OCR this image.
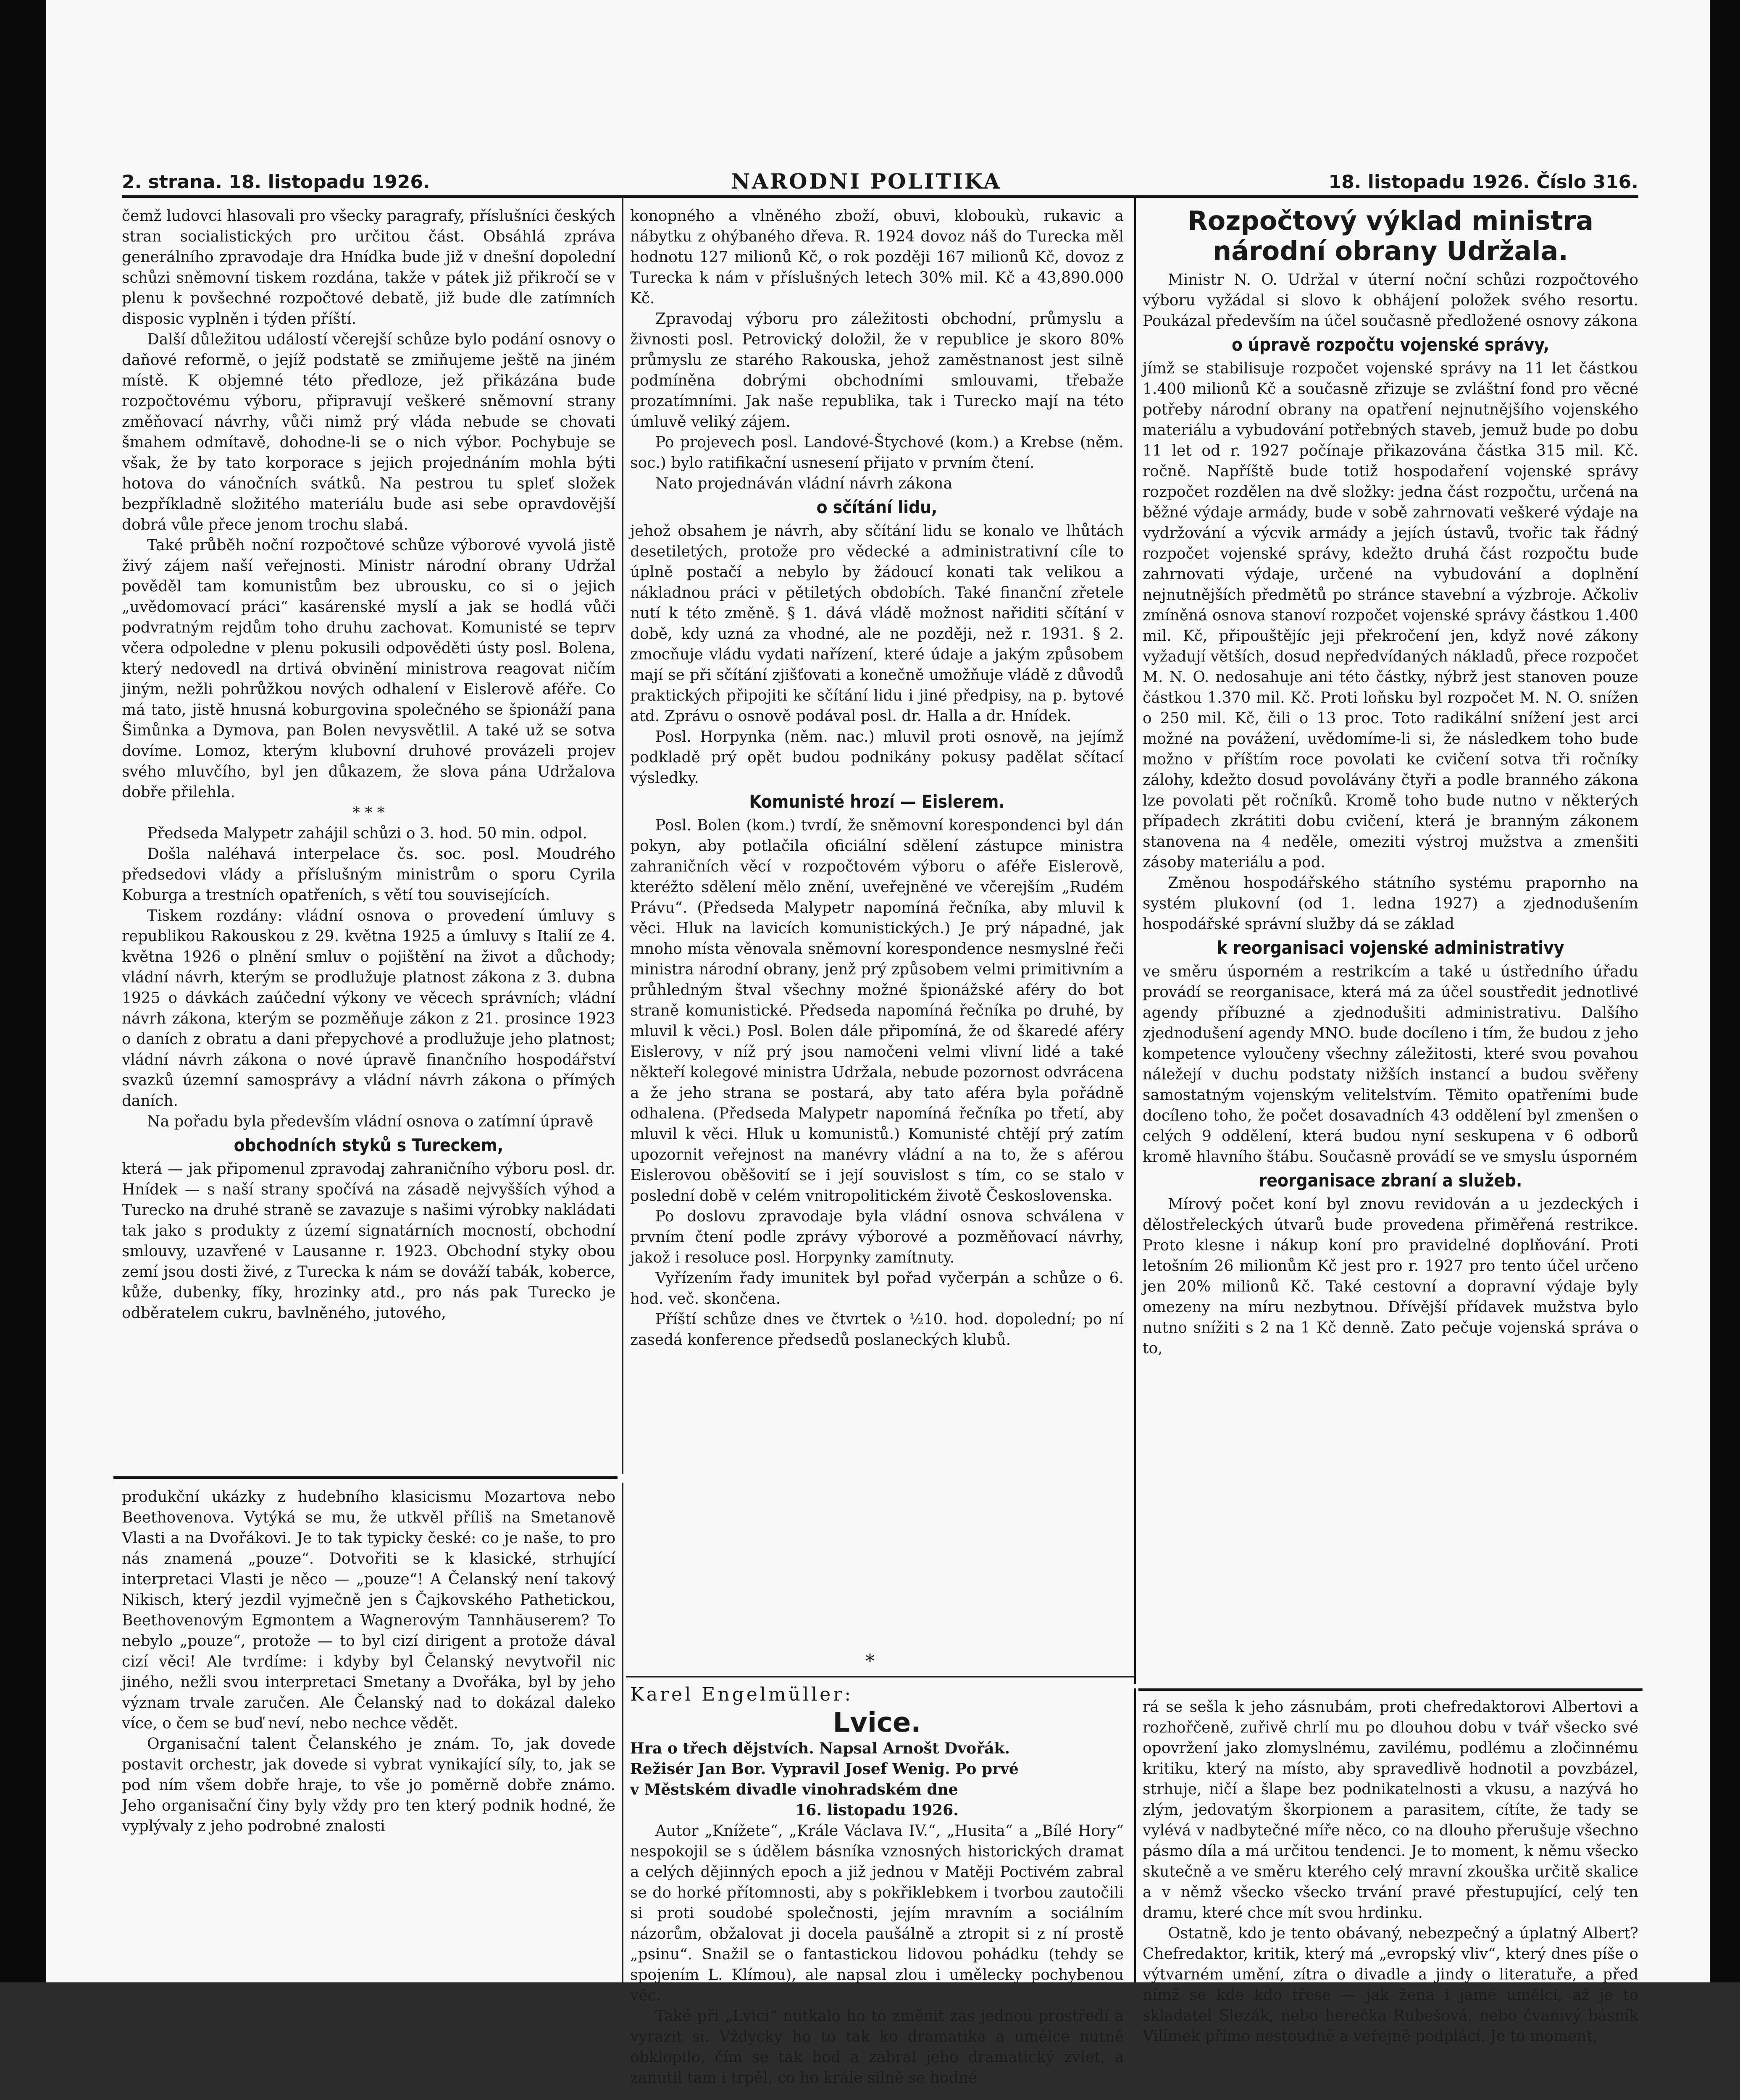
2. strana. 18. listopadu 1926.	NARODNI POLITIKA	18. listopadu 1926. Číslo 316.

čemž ludovci hlasovali pro všecky paragrafy, příslušníci českých stran socialistických pro určitou část. Obsáhlá zpráva generálního zpravodaje dra Hnídka bude již v dnešní dopolední schůzi sněmovní tiskem rozdána, takže v pátek již přikročí se v plenu k povšechné rozpočtové debatě, již bude dle zatímních disposic vyplněn i týden příští.

Další důležitou událostí včerejší schůze bylo podání osnovy o daňové reformě, o jejíž podstatě se zmiňujeme ještě na jiném místě. K objemné této předloze, jež přikázána bude rozpočtovému výboru, připravují veškeré sněmovní strany změňovací návrhy, vůči nimž prý vláda nebude se chovati šmahem odmítavě, dohodne-li se o nich výbor. Pochybuje se však, že by tato korporace s jejich projednáním mohla býti hotova do vánočních svátků. Na pestrou tu spleť složek bezpříkladně složitého materiálu bude asi sebe opravdovější dobrá vůle přece jenom trochu slabá.

Také průběh noční rozpočtové schůze výborové vyvolá jistě živý zájem naší veřejnosti. Ministr národní obrany Udržal pověděl tam komunistům bez ubrousku, co si o jejich „uvědomovací práci“ kasárenské myslí a jak se hodlá vůči podvratným rejdům toho druhu zachovat. Komunisté se teprv včera odpoledne v plenu pokusili odpověděti ústy posl. Bolena, který nedovedl na drtivá obvinění ministrova reagovat ničím jiným, nežli pohrůžkou nových odhalení v Eislerově aféře. Co má tato, jistě hnusná koburgovina společného se špionáží pana Šimůnka a Dymova, pan Bolen nevysvětlil. A také už se sotva dovíme. Lomoz, kterým klubovní druhové provázeli projev svého mluvčího, byl jen důkazem, že slova pána Udržalova dobře přilehla.

* * *

Předseda Malypetr zahájil schůzi o 3. hod. 50 min. odpol.

Došla naléhavá interpelace čs. soc. posl. Moudrého předsedovi vlády a příslušným ministrům o sporu Cyrila Koburga a trestních opatřeních, s větí tou souvisejících.

Tiskem rozdány: vládní osnova o provedení úmluvy s republikou Rakouskou z 29. května 1925 a úmluvy s Italií ze 4. května 1926 o plnění smluv o pojištění na život a důchody; vládní návrh, kterým se prodlužuje platnost zákona z 3. dubna 1925 o dávkách zaúčední výkony ve věcech správních; vládní návrh zákona, kterým se pozměňuje zákon z 21. prosince 1923 o daních z obratu a dani přepychové a prodlužuje jeho platnost; vládní návrh zákona o nové úpravě finančního hospodářství svazků územní samosprávy a vládní návrh zákona o přímých daních.

Na pořadu byla především vládní osnova o zatímní úpravě

obchodních styků s Tureckem,

která — jak připomenul zpravodaj zahraničního výboru posl. dr. Hnídek — s naší strany spočívá na zásadě nejvyšších výhod a Turecko na druhé straně se zavazuje s našimi výrobky nakládati tak jako s produkty z území signatárních mocností, obchodní smlouvy, uzavřené v Lausanne r. 1923. Obchodní styky obou zemí jsou dosti živé, z Turecka k nám se dováží tabák, koberce, kůže, dubenky, fíky, hrozinky atd., pro nás pak Turecko je odběratelem cukru, bavlněného, jutového,

konopného a vlněného zboží, obuvi, kloboukù, rukavic a nábytku z ohýbaného dřeva. R. 1924 dovoz náš do Turecka měl hodnotu 127 milionů Kč, o rok později 167 milionů Kč, dovoz z Turecka k nám v příslušných letech 30% mil. Kč a 43,890.000 Kč.

Zpravodaj výboru pro záležitosti obchodní, průmyslu a živnosti posl. Petrovický doložil, že v republice je skoro 80% průmyslu ze starého Rakouska, jehož zaměstnanost jest silně podmíněna dobrými obchodními smlouvami, třebaže prozatímními. Jak naše republika, tak i Turecko mají na této úmluvě veliký zájem.

Po projevech posl. Landové-Štychové (kom.) a Krebse (něm. soc.) bylo ratifikační usnesení přijato v prvním čtení.

Nato projednáván vládní návrh zákona

o sčítání lidu,

jehož obsahem je návrh, aby sčítání lidu se konalo ve lhůtách desetiletých, protože pro vědecké a administrativní cíle to úplně postačí a nebylo by žádoucí konati tak velikou a nákladnou práci v pětiletých obdobích. Také finanční zřetele nutí k této změně. § 1. dává vládě možnost nařiditi sčítání v době, kdy uzná za vhodné, ale ne později, než r. 1931. § 2. zmocňuje vládu vydati nařízení, které údaje a jakým způsobem mají se při sčítání zjišťovati a konečně umožňuje vládě z důvodů praktických připojiti ke sčítání lidu i jiné předpisy, na p. bytové atd. Zprávu o osnově podával posl. dr. Halla a dr. Hnídek.

Posl. Horpynka (něm. nac.) mluvil proti osnově, na jejímž podkladě prý opět budou podnikány pokusy padělat sčítací výsledky.

Komunisté hrozí — Eislerem.

Posl. Bolen (kom.) tvrdí, že sněmovní korespondenci byl dán pokyn, aby potlačila oficiální sdělení zástupce ministra zahraničních věcí v rozpočtovém výboru o aféře Eislerově, kteréžto sdělení mělo znění, uveřejněné ve včerejším „Rudém Právu“. (Předseda Malypetr napomíná řečníka, aby mluvil k věci. Hluk na lavicích komunistických.) Je prý nápadné, jak mnoho místa věnovala sněmovní korespondence nesmyslné řeči ministra národní obrany, jenž prý způsobem velmi primitivním a průhledným štval všechny možné špionážské aféry do bot straně komunistické. Předseda napomíná řečníka po druhé, by mluvil k věci.) Posl. Bolen dále připomíná, že od škaredé aféry Eislerovy, v níž prý jsou namočeni velmi vlivní lidé a také někteří kolegové ministra Udržala, nebude pozornost odvrácena a že jeho strana se postará, aby tato aféra byla pořádně odhalena. (Předseda Malypetr napomíná řečníka po třetí, aby mluvil k věci. Hluk u komunistů.) Komunisté chtějí prý zatím upozornit veřejnost na manévry vládní a na to, že s aférou Eislerovou oběšovití se i její souvislost s tím, co se stalo v poslední době v celém vnitropolitickém životě Československa.

Po doslovu zpravodaje byla vládní osnova schválena v prvním čtení podle zprávy výborové a pozměňovací návrhy, jakož i resoluce posl. Horpynky zamítnuty.

Vyřízením řady imunitek byl pořad vyčerpán a schůze o 6. hod. več. skončena.

Příští schůze dnes ve čtvrtek o ½10. hod. dopolední; po ní zasedá konference předsedů poslaneckých klubů.

*
Rozpočtový výklad ministra národní obrany Udržala.

Ministr N. O. Udržal v úterní noční schůzi rozpočtového výboru vyžádal si slovo k obhájení položek svého resortu. Poukázal především na účel současně předložené osnovy zákona

o úpravě rozpočtu vojenské správy,

jímž se stabilisuje rozpočet vojenské správy na 11 let částkou 1.400 milionů Kč a současně zřizuje se zvláštní fond pro věcné potřeby národní obrany na opatření nejnutnějšího vojenského materiálu a vybudování potřebných staveb, jemuž bude po dobu 11 let od r. 1927 počínaje přikazována částka 315 mil. Kč. ročně. Napříště bude totiž hospodaření vojenské správy rozpočet rozdělen na dvě složky: jedna část rozpočtu, určená na běžné výdaje armády, bude v sobě zahrnovati veškeré výdaje na vydržování a výcvik armády a jejích ústavů, tvořic tak řádný rozpočet vojenské správy, kdežto druhá část rozpočtu bude zahrnovati výdaje, určené na vybudování a doplnění nejnutnějších předmětů po stránce stavební a výzbroje. Ačkoliv zmíněná osnova stanoví rozpočet vojenské správy částkou 1.400 mil. Kč, připouštějíc jeji překročení jen, když nové zákony vyžadují větších, dosud nepředvídaných nákladů, přece rozpočet M. N. O. nedosahuje ani této částky, nýbrž jest stanoven pouze částkou 1.370 mil. Kč. Proti loňsku byl rozpočet M. N. O. snížen o 250 mil. Kč, čili o 13 proc. Toto radikální snížení jest arci možné na povážení, uvědomíme-li si, že následkem toho bude možno v příštím roce povolati ke cvičení sotva tři ročníky zálohy, kdežto dosud povolávány čtyři a podle branného zákona lze povolati pět ročníků. Kromě toho bude nutno v některých případech zkrátiti dobu cvičení, která je branným zákonem stanovena na 4 neděle, omeziti výstroj mužstva a zmenšiti zásoby materiálu a pod.

Změnou hospodářského státního systému prapornho na systém plukovní (od 1. ledna 1927) a zjednodušením hospodářské správní služby dá se základ

k reorganisaci vojenské administrativy

ve směru úsporném a restrikcím a také u ústředního úřadu provádí se reorganisace, která má za účel soustředit jednotlivé agendy příbuzné a zjednodušiti administrativu. Dalšího zjednodušení agendy MNO. bude docíleno i tím, že budou z jeho kompetence vyloučeny všechny záležitosti, které svou povahou náležejí v duchu podstaty nižších instancí a budou svěřeny samostatným vojenským velitelstvím. Těmito opatřeními bude docíleno toho, že počet dosavadních 43 oddělení byl zmenšen o celých 9 oddělení, která budou nyní seskupena v 6 odborů kromě hlavního štábu. Současně provádí se ve smyslu úsporném

reorganisace zbraní a služeb.

Mírový počet koní byl znovu revidován a u jezdeckých i dělostřeleckých útvarů bude provedena přiměřená restrikce. Proto klesne i nákup koní pro pravidelné doplňování. Proti letošním 26 milionům Kč jest pro r. 1927 pro tento účel určeno jen 20% milionů Kč. Také cestovní a dopravní výdaje byly omezeny na míru nezbytnou. Dřívější přídavek mužstva bylo nutno snížiti s 2 na 1 Kč denně. Zato pečuje vojenská správa o to,

produkční ukázky z hudebního klasicismu Mozartova nebo Beethovenova. Vytýká se mu, že utkvěl příliš na Smetanově Vlasti a na Dvořákovi. Je to tak typicky české: co je naše, to pro nás znamená „pouze“. Dotvořiti se k klasické, strhující interpretaci Vlasti je něco — „pouze“! A Čelanský není takový Nikisch, který jezdil vyjmečně jen s Čajkovského Pathetickou, Beethovenovým Egmontem a Wagnerovým Tannhäuserem? To nebylo „pouze“, protože — to byl cizí dirigent a protože dával cizí věci! Ale tvrdíme: i kdyby byl Čelanský nevytvořil nic jiného, nežli svou interpretaci Smetany a Dvořáka, byl by jeho význam trvale zaručen. Ale Čelanský nad to dokázal daleko více, o čem se buď neví, nebo nechce vědět.

Organisační talent Čelanského je znám. To, jak dovede postavit orchestr, jak dovede si vybrat vynikající síly, to, jak se pod ním všem dobře hraje, to vše jo poměrně dobře známo. Jeho organisační činy byly vždy pro ten který podnik hodné, že vyplývaly z jeho podrobné znalosti

Karel Engelmüller:
Lvice.
Hra o třech dějstvích. Napsal Arnošt Dvořák.
Režisér Jan Bor. Vypravil Josef Wenig. Po prvé
v Městském divadle vinohradském dne
16. listopadu 1926.

Autor „Knížete“, „Krále Václava IV.“, „Husita“ a „Bílé Hory“ nespokojil se s údělem básníka vznosných historických dramat a celých dějinných epoch a již jednou v Matěji Poctivém zabral se do horké přítomnosti, aby s pokřiklebkem i tvorbou zautočili si proti soudobé společnosti, jejím mravním a sociálním názorům, obžalovat ji docela paušálně a ztropit si z ní prostě „psinu“. Snažil se o fantastickou lidovou pohádku (tehdy se spojením L. Klímou), ale napsal zlou i umělecky pochybenou věc.

Také při „Lvici“ nutkalo ho to změnit zas jednou prostředí a vyrazit si. Vždycky ho to tak ko dramatika a umělce nutně obklopilo, čím se tak hod a zabral jeho dramatický zvlet, a zanutil tam i trpěl, co ho krále silně se hodné

rá se sešla k jeho zásnubám, proti chefredaktorovi Albertovi a rozhořčeně, zuřivě chrlí mu po dlouhou dobu v tvář všecko své opovržení jako zlomyslnému, zavilému, podlému a zločinnému kritiku, který na místo, aby spravedlivě hodnotil a povzbázel, strhuje, ničí a šlape bez podnikatelnosti a vkusu, a nazývá ho zlým, jedovatým škorpionem a parasitem, cítíte, že tady se vylévá v nadbytečné míře něco, co na dlouho přerušuje všechno pásmo díla a má určitou tendenci. Je to moment, k němu všecko skutečně a ve směru kterého celý mravní zkouška určitě skalice a v němž všecko všecko trvání pravé přestupující, celý ten dramu, které chce mít svou hrdinku.

Ostatně, kdo je tento obávaný, nebezpečný a úplatný Albert? Chefredaktor, kritik, který má „evropský vliv“, který dnes píše o výtvarném umění, zítra o divadle a jindy o literatuře, a před nímž se kde kdo třese — jak žena i jamé umělci, až je to skladatel Slezák, nebo herečka Rubešová, nebo čvanivý básník Vilímek přímo nestoudně a veřejně podplácí. Je to moment,
